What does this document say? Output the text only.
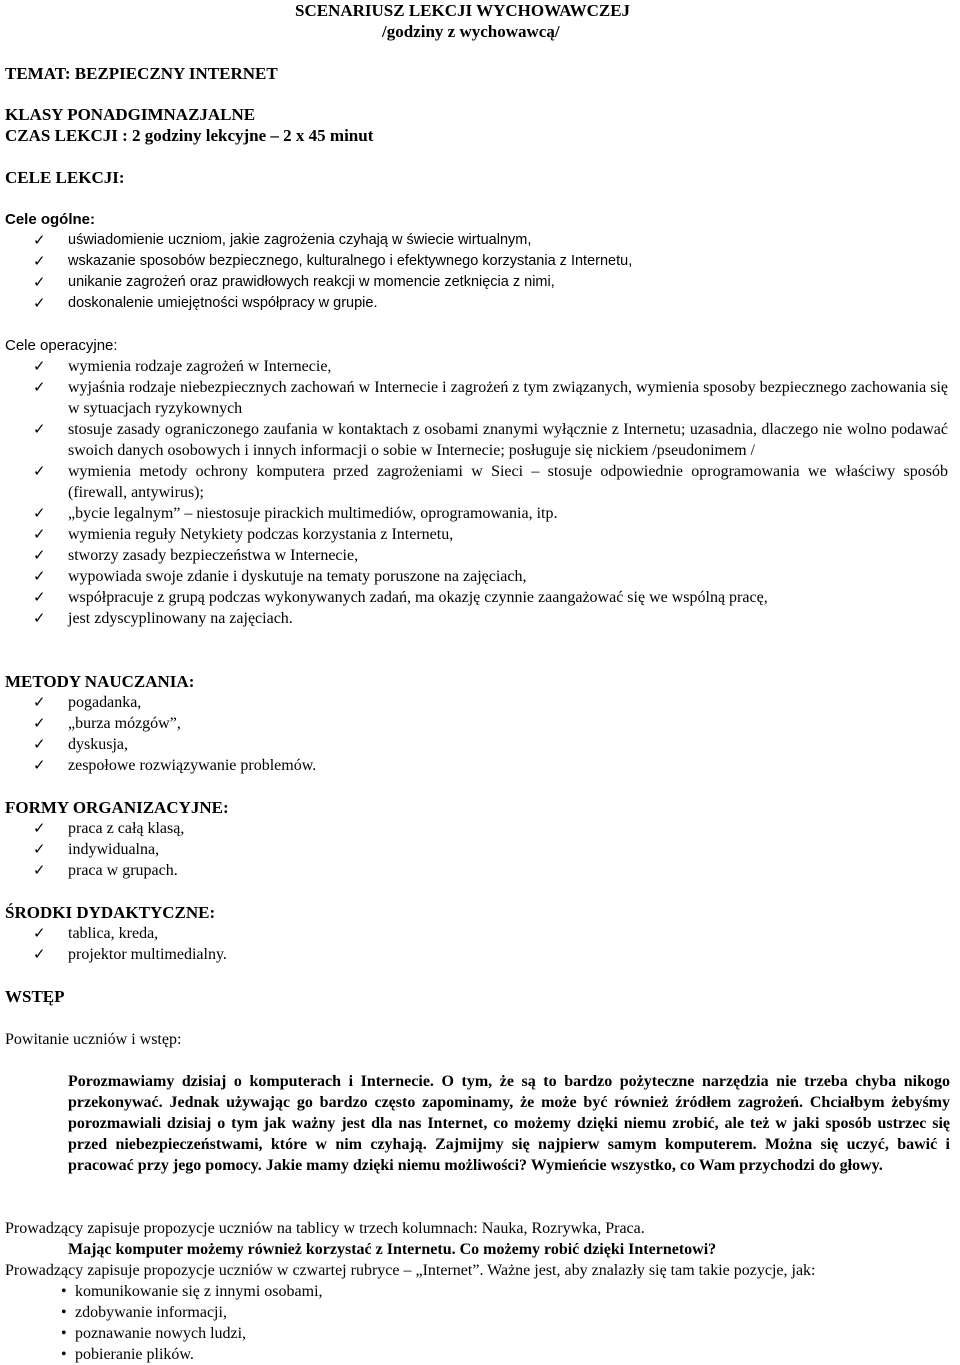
SCENARIUSZ LEKCJI WYCHOWAWCZEJ
/godziny z wychowawcą/
TEMAT: BEZPIECZNY INTERNET
KLASY PONADGIMNAZJALNE
CZAS LEKCJI : 2 godziny lekcyjne – 2 x 45 minut
CELE LEKCJI:
Cele ogólne:
✓ uświadomienie uczniom, jakie zagrożenia czyhają w świecie wirtualnym,
✓ wskazanie sposobów bezpiecznego, kulturalnego i efektywnego korzystania z Internetu,
✓ unikanie zagrożeń oraz prawidłowych reakcji w momencie zetknięcia z nimi,
✓ doskonalenie umiejętności współpracy w grupie.
Cele operacyjne:
✓ wymienia rodzaje zagrożeń w Internecie,
✓ wyjaśnia rodzaje niebezpiecznych zachowań w Internecie i zagrożeń z tym związanych, wymienia sposoby bezpiecznego zachowania się w sytuacjach ryzykownych
✓ stosuje zasady ograniczonego zaufania w kontaktach z osobami znanymi wyłącznie z Internetu; uzasadnia, dlaczego nie wolno podawać swoich danych osobowych i innych informacji o sobie w Internecie; posługuje się nickiem /pseudonimem /
✓ wymienia metody ochrony komputera przed zagrożeniami w Sieci – stosuje odpowiednie oprogramowania we właściwy sposób (firewall, antywirus);
✓ „bycie legalnym” – niestosuje pirackich multimediów, oprogramowania, itp.
✓ wymienia reguły Netykiety podczas korzystania z Internetu,
✓ stworzy zasady bezpieczeństwa w Internecie,
✓ wypowiada swoje zdanie i dyskutuje na tematy poruszone na zajęciach,
✓ współpracuje z grupą podczas wykonywanych zadań, ma okazję czynnie zaangażować się we wspólną pracę,
✓ jest zdyscyplinowany na zajęciach.
METODY NAUCZANIA:
✓ pogadanka,
✓ „burza mózgów”,
✓ dyskusja,
✓ zespołowe rozwiązywanie problemów.
FORMY ORGANIZACYJNE:
✓ praca z całą klasą,
✓ indywidualna,
✓ praca w grupach.
ŚRODKI DYDAKTYCZNE:
✓ tablica, kreda,
✓ projektor multimedialny.
WSTĘP
Powitanie uczniów i wstęp:
Porozmawiamy dzisiaj o komputerach i Internecie. O tym, że są to bardzo pożyteczne narzędzia nie trzeba chyba nikogo przekonywać. Jednak używając go bardzo często zapominamy, że może być również źródłem zagrożeń. Chciałbym żebyśmy porozmawiali dzisiaj o tym jak ważny jest dla nas Internet, co możemy dzięki niemu zrobić, ale też w jaki sposób ustrzec się przed niebezpieczeństwami, które w nim czyhają. Zajmijmy się najpierw samym komputerem. Można się uczyć, bawić i pracować przy jego pomocy. Jakie mamy dzięki niemu możliwości? Wymieńcie wszystko, co Wam przychodzi do głowy.
Prowadzący zapisuje propozycje uczniów na tablicy w trzech kolumnach: Nauka, Rozrywka, Praca.
Mając komputer możemy również korzystać z Internetu. Co możemy robić dzięki Internetowi?
Prowadzący zapisuje propozycje uczniów w czwartej rubryce – „Internet”. Ważne jest, aby znalazły się tam takie pozycje, jak:
• komunikowanie się z innymi osobami,
• zdobywanie informacji,
• poznawanie nowych ludzi,
• pobieranie plików.
